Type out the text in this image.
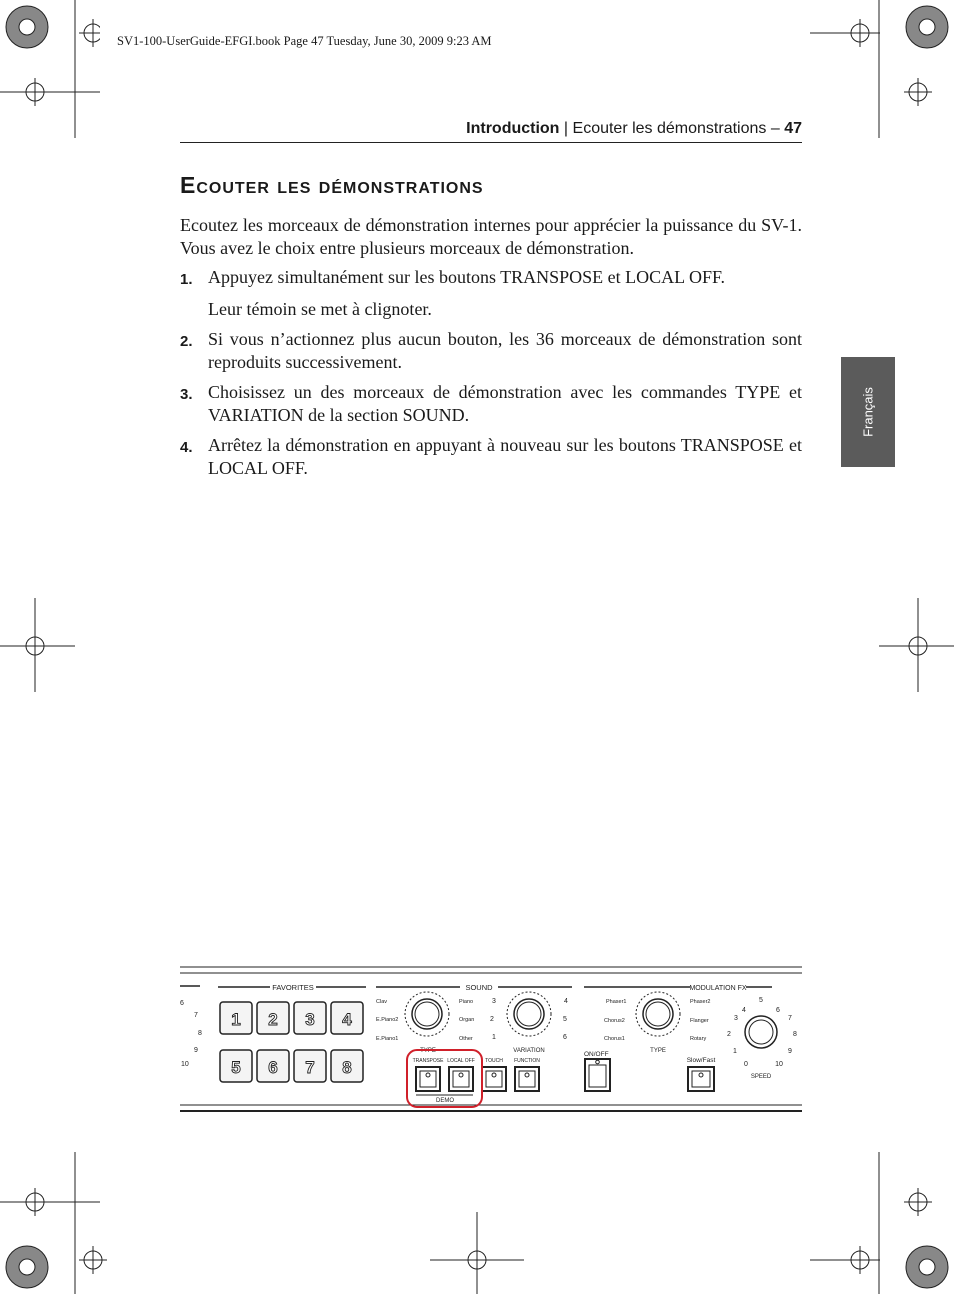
SV1-100-UserGuide-EFGI.book Page 47 Tuesday, June 30, 2009 9:23 AM
Introduction | Ecouter les démonstrations – 47
Ecouter les démonstrations
Ecoutez les morceaux de démonstration internes pour apprécier la puissance du SV-1. Vous avez le choix entre plusieurs morceaux de démonstration.
1. Appuyez simultanément sur les boutons TRANSPOSE et LOCAL OFF.
Leur témoin se met à clignoter.
2. Si vous n’actionnez plus aucun bouton, les 36 morceaux de démonstration sont reproduits successivement.
3. Choisissez un des morceaux de démonstration avec les commandes TYPE et VARIATION de la section SOUND.
4. Arrêtez la démonstration en appuyant à nouveau sur les boutons TRANSPOSE et LOCAL OFF.
Français
6
7
8
9
10
FAVORITES
1 2 3 4
5 6 7 8
SOUND
Clav	Piano
E.Piano2	Organ
E.Piano1	Other
TYPE
3	4
2	5
1	6
VARIATION
TRANSPOSE LOCAL OFF TOUCH FUNCTION
DEMO
MODULATION FX
ON/OFF
Phaser1	Phaser2
Chorus2	Flanger
Chorus1	Rotary
TYPE
Slow/Fast
4
5
6
3	7
2	8
1	9
0	10
SPEED
